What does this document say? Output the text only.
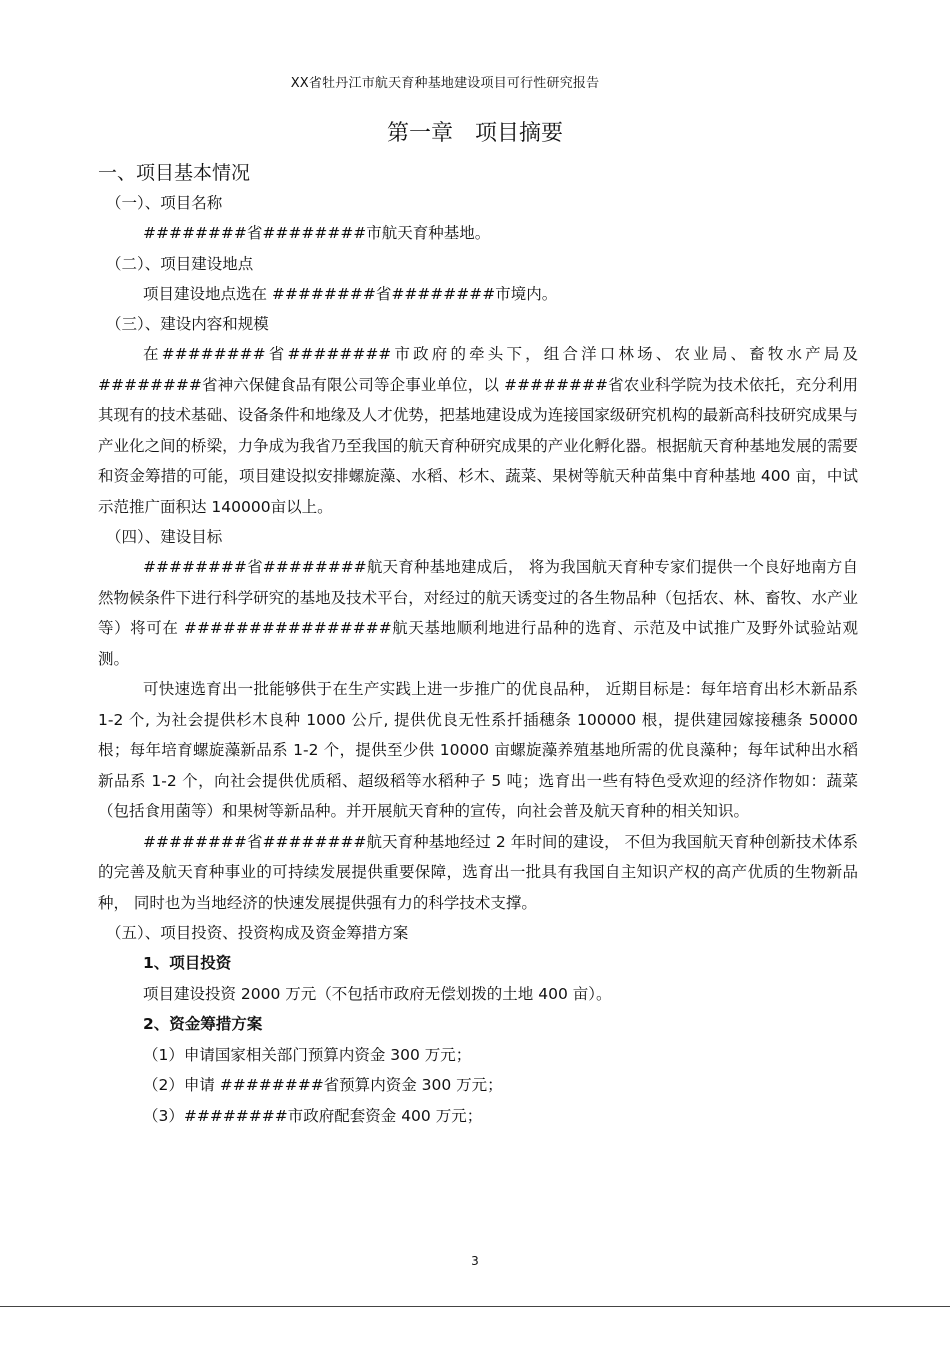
XX省牡丹江市航天育种基地建设项目可行性研究报告
第一章　项目摘要
一、项目基本情况
（一）、项目名称

########省########市航天育种基地。

（二）、项目建设地点

项目建设地点选在 ########省########市境内。

（三）、建设内容和规模

在########省########市政府的牵头下，组合洋口林场、农业局、畜牧水产局及########省神六保健食品有限公司等企事业单位，以 ########省农业科学院为技术依托，充分利用其现有的技术基础、设备条件和地缘及人才优势，把基地建设成为连接国家级研究机构的最新高科技研究成果与产业化之间的桥梁，力争成为我省乃至我国的航天育种研究成果的产业化孵化器。根据航天育种基地发展的需要和资金筹措的可能，项目建设拟安排螺旋藻、水稻、杉木、蔬菜、果树等航天种苗集中育种基地 400 亩，中试示范推广面积达 140000亩以上。

（四）、建设目标

########省########航天育种基地建成后， 将为我国航天育种专家们提供一个良好地南方自然物候条件下进行科学研究的基地及技术平台，对经过的航天诱变过的各生物品种（包括农、林、畜牧、水产业等）将可在 ################航天基地顺利地进行品种的选育、示范及中试推广及野外试验站观测。

可快速选育出一批能够供于在生产实践上进一步推广的优良品种， 近期目标是：每年培育出杉木新品系 1-2 个, 为社会提供杉木良种 1000 公斤, 提供优良无性系扦插穗条 100000 根，提供建园嫁接穗条 50000 根；每年培育螺旋藻新品系 1-2 个，提供至少供 10000 亩螺旋藻养殖基地所需的优良藻种；每年试种出水稻新品系 1-2 个，向社会提供优质稻、超级稻等水稻种子 5 吨；选育出一些有特色受欢迎的经济作物如：蔬菜（包括食用菌等）和果树等新品种。并开展航天育种的宣传，向社会普及航天育种的相关知识。

########省########航天育种基地经过 2 年时间的建设， 不但为我国航天育种创新技术体系的完善及航天育种事业的可持续发展提供重要保障，选育出一批具有我国自主知识产权的高产优质的生物新品种， 同时也为当地经济的快速发展提供强有力的科学技术支撑。

（五）、项目投资、投资构成及资金筹措方案
1、项目投资

项目建设投资 2000 万元（不包括市政府无偿划拨的土地 400 亩）。

2、资金筹措方案
（1）申请国家相关部门预算内资金 300 万元；
（2）申请 ########省预算内资金 300 万元；
（3）########市政府配套资金 400 万元；
3
